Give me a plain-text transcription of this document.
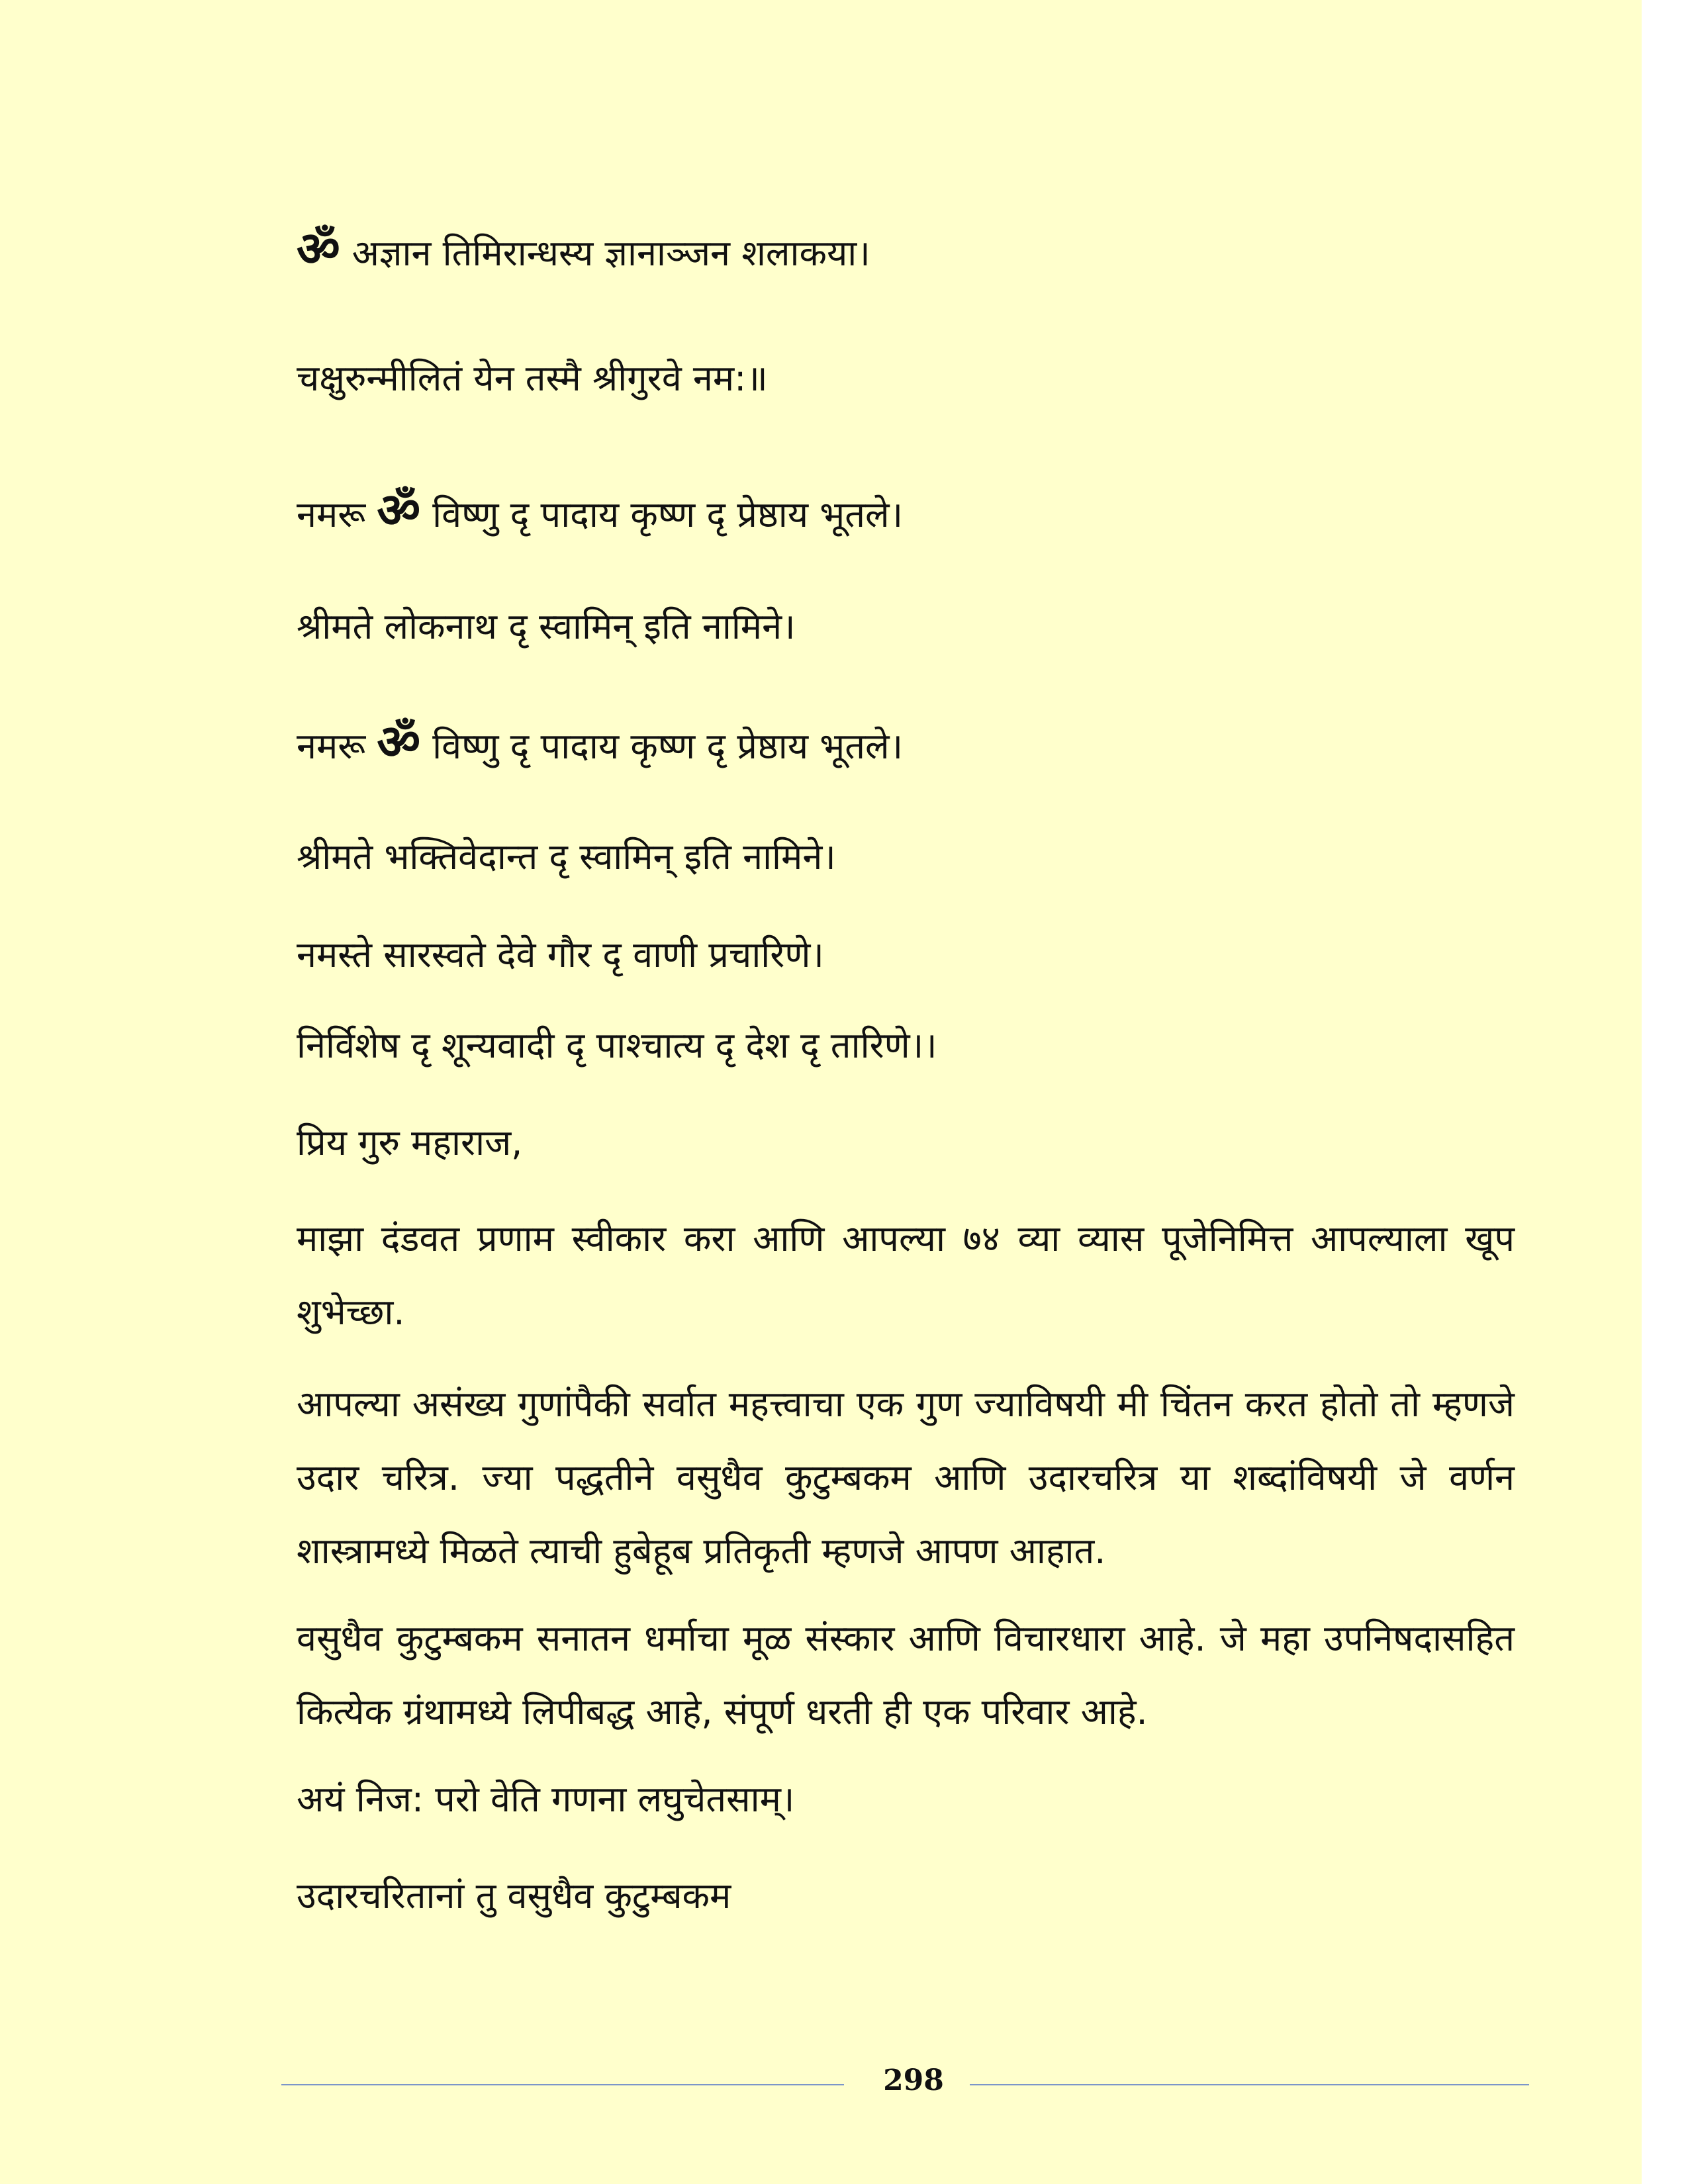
ॐ अज्ञान तिमिरान्धस्य ज्ञानाञ्जन शलाकया।
चक्षुरुन्मीलितं येन तस्मै श्रीगुरवे नम:॥
नमरू ॐ विष्णु दृ पादाय कृष्ण दृ प्रेष्ठाय भूतले।
श्रीमते लोकनाथ दृ स्वामिन् इति नामिने।
नमरू ॐ विष्णु दृ पादाय कृष्ण दृ प्रेष्ठाय भूतले।
श्रीमते भक्तिवेदान्त दृ स्वामिन् इति नामिने।
नमस्ते सारस्वते देवे गौर दृ वाणी प्रचारिणे।
निर्विशेष दृ शून्यवादी दृ पाश्चात्य दृ देश दृ तारिणे।।
प्रिय गुरु महाराज,
माझा दंडवत प्रणाम स्वीकार करा आणि आपल्या ७४ व्या व्यास पूजेनिमित्त आपल्याला खूप शुभेच्छा.
आपल्या असंख्य गुणांपैकी सर्वात महत्त्वाचा एक गुण ज्याविषयी मी चिंतन करत होतो तो म्हणजे उदार चरित्र. ज्या पद्धतीने वसुधैव कुटुम्बकम आणि उदारचरित्र या शब्दांविषयी जे वर्णन शास्त्रामध्ये मिळते त्याची हुबेहूब प्रतिकृती म्हणजे आपण आहात.
वसुधैव कुटुम्बकम सनातन धर्माचा मूळ संस्कार आणि विचारधारा आहे. जे महा उपनिषदासहित कित्येक ग्रंथामध्ये लिपीबद्ध आहे, संपूर्ण धरती ही एक परिवार आहे.
अयं निज: परो वेति गणना लघुचेतसाम्।
उदारचरितानां तु वसुधैव कुटुम्बकम
298
